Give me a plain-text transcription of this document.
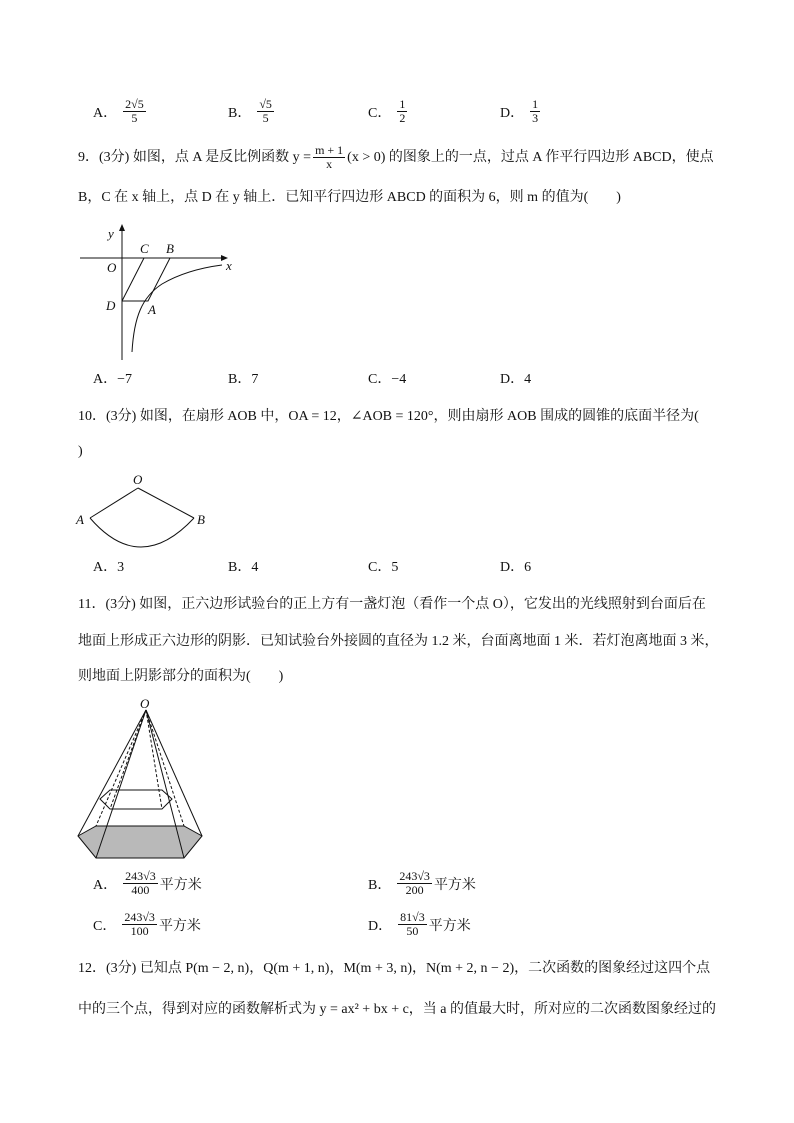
A． $\frac{2√5}{5}$	B． $\frac{√5}{5}$	C． $\frac{1}{2}$	D． $\frac{1}{3}$
9．(3分) 如图，点 A 是反比例函数 $y = \frac{m + 1}{x} (x > 0)$ 的图象上的一点，过点 A 作平行四边形 ABCD，使点
B，C 在 x 轴上，点 D 在 y 轴上．已知平行四边形 ABCD 的面积为 6，则 m 的值为(　　)
y
x
O
C B
D	A
A．−7	B．7	C．−4	D．4
10．(3分) 如图，在扇形 AOB 中，OA = 12，∠AOB = 120°，则由扇形 AOB 围成的圆锥的底面半径为(
)
O
A	B
A．3	B．4	C．5	D．6
11．(3分) 如图，正六边形试验台的正上方有一盏灯泡（看作一个点 O），它发出的光线照射到台面后在
地面上形成正六边形的阴影．已知试验台外接圆的直径为 1.2 米，台面离地面 1 米．若灯泡离地面 3 米，
则地面上阴影部分的面积为(　　)
O
A． $\frac{243√3}{400}$ 平方米	B． $\frac{243√3}{200}$ 平方米
C． $\frac{243√3}{100}$ 平方米	D． $\frac{81√3}{50}$ 平方米
12．(3分) 已知点 P(m − 2, n)，Q(m + 1, n)，M(m + 3, n)，N(m + 2, n − 2)，二次函数的图象经过这四个点
中的三个点，得到对应的函数解析式为 y = ax² + bx + c，当 a 的值最大时，所对应的二次函数图象经过的
